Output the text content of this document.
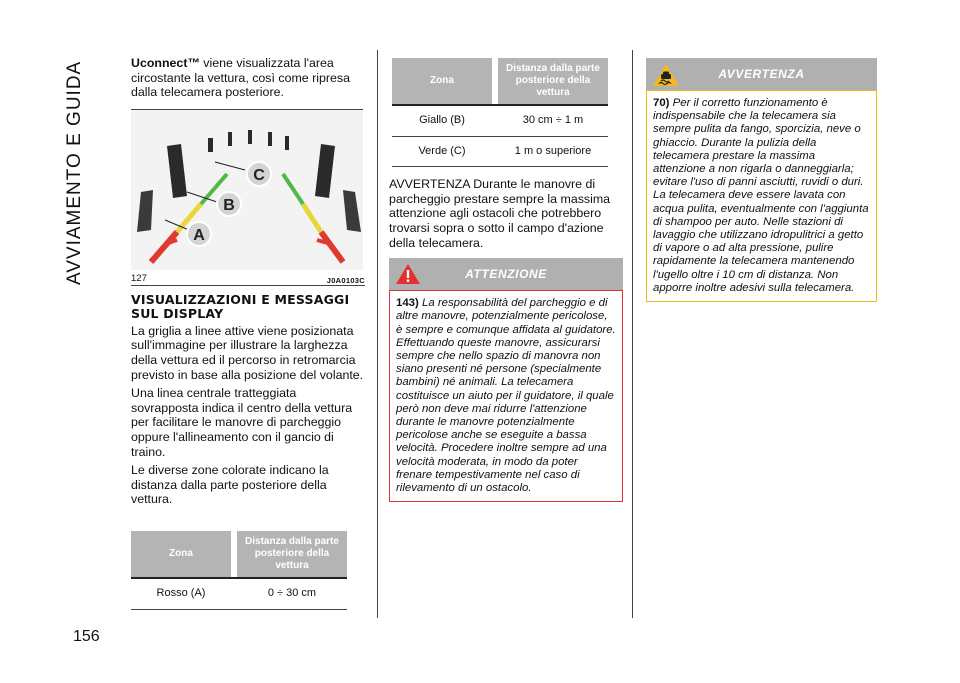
AVVIAMENTO E GUIDA
156

Uconnect™ viene visualizzata l'area circostante la vettura, così come ripresa dalla telecamera posteriore.

A
B
C
127	J0A0103C
VISUALIZZAZIONI E MESSAGGI SUL DISPLAY

La griglia a linee attive viene posizionata sull'immagine per illustrare la larghezza della vettura ed il percorso in retromarcia previsto in base alla posizione del volante.

Una linea centrale tratteggiata sovrapposta indica il centro della vettura per facilitare le manovre di parcheggio oppure l'allineamento con il gancio di traino.

Le diverse zone colorate indicano la distanza dalla parte posteriore della vettura.

Zona		Distanza dalla parte posteriore della vettura
Rosso (A)		0 ÷ 30 cm
Zona		Distanza dalla parte posteriore della vettura
Giallo (B)		30 cm ÷ 1 m
Verde (C)		1 m o superiore

AVVERTENZA Durante le manovre di parcheggio prestare sempre la massima attenzione agli ostacoli che potrebbero trovarsi sopra o sotto il campo d'azione della telecamera.

ATTENZIONE
143) La responsabilità del parcheggio e di altre manovre, potenzialmente pericolose, è sempre e comunque affidata al guidatore. Effettuando queste manovre, assicurarsi sempre che nello spazio di manovra non siano presenti né persone (specialmente bambini) né animali. La telecamera costituisce un aiuto per il guidatore, il quale però non deve mai ridurre l'attenzione durante le manovre potenzialmente pericolose anche se eseguite a bassa velocità. Procedere inoltre sempre ad una velocità moderata, in modo da poter frenare tempestivamente nel caso di rilevamento di un ostacolo.
AVVERTENZA
70) Per il corretto funzionamento è indispensabile che la telecamera sia sempre pulita da fango, sporcizia, neve o ghiaccio. Durante la pulizia della telecamera prestare la massima attenzione a non rigarla o danneggiarla; evitare l'uso di panni asciutti, ruvidi o duri. La telecamera deve essere lavata con acqua pulita, eventualmente con l'aggiunta di shampoo per auto. Nelle stazioni di lavaggio che utilizzano idropulitrici a getto di vapore o ad alta pressione, pulire rapidamente la telecamera mantenendo l'ugello oltre i 10 cm di distanza. Non apporre inoltre adesivi sulla telecamera.
